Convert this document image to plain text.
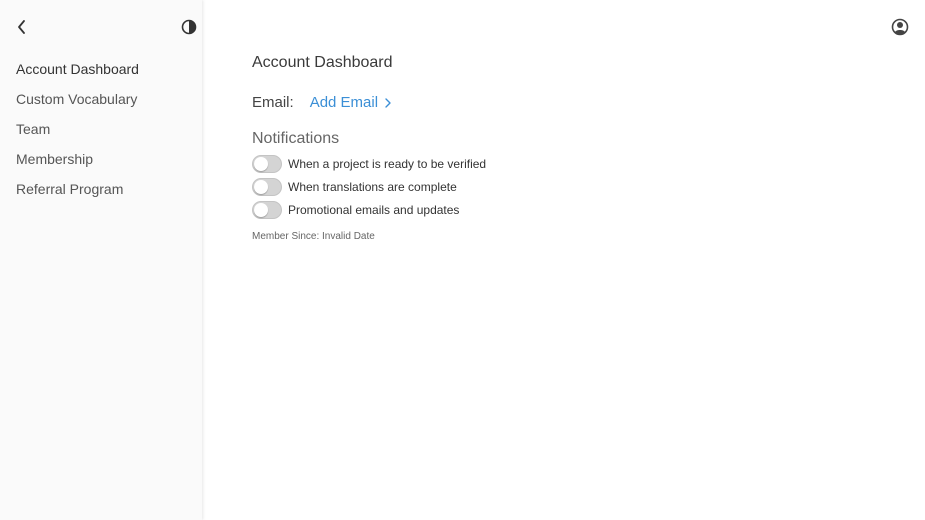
Account Dashboard
Custom Vocabulary
Team
Membership
Referral Program
Account Dashboard
Email: Add Email
Notifications
When a project is ready to be verified
When translations are complete
Promotional emails and updates
Member Since: Invalid Date
